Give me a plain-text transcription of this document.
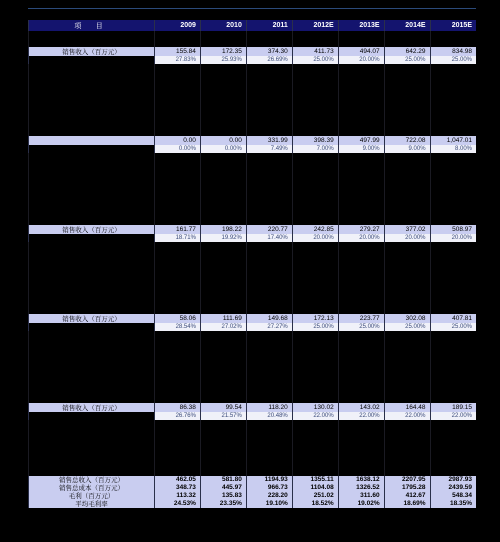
项 目	2009	2010	2011	2012E	2013E	2014E	2015E

销售收入（百万元）	155.84	172.35	374.30	411.73	494.07	642.29	834.98
	27.83%	25.93%	26.69%	25.00%	20.00%	25.00%	25.00%

	0.00	0.00	331.99	398.39	497.99	722.08	1,047.01
	0.00%	0.00%	7.49%	7.00%	9.00%	9.00%	8.00%

销售收入（百万元）	161.77	198.22	220.77	242.85	279.27	377.02	508.97
	18.71%	19.92%	17.40%	20.00%	20.00%	20.00%	20.00%

销售收入（百万元）	58.06	111.69	149.68	172.13	223.77	302.08	407.81
	28.54%	27.02%	27.27%	25.00%	25.00%	25.00%	25.00%

销售收入（百万元）	86.38	99.54	118.20	130.02	143.02	164.48	189.15
	26.76%	21.57%	20.48%	22.00%	22.00%	22.00%	22.00%

销售总收入（百万元）	462.05	581.80	1194.93	1355.11	1638.12	2207.95	2987.93
销售总成本（百万元）	348.73	445.97	966.73	1104.08	1326.52	1795.28	2439.59
毛利（百万元）	113.32	135.83	228.20	251.02	311.60	412.67	548.34
平均毛利率	24.53%	23.35%	19.10%	18.52%	19.02%	18.69%	18.35%
